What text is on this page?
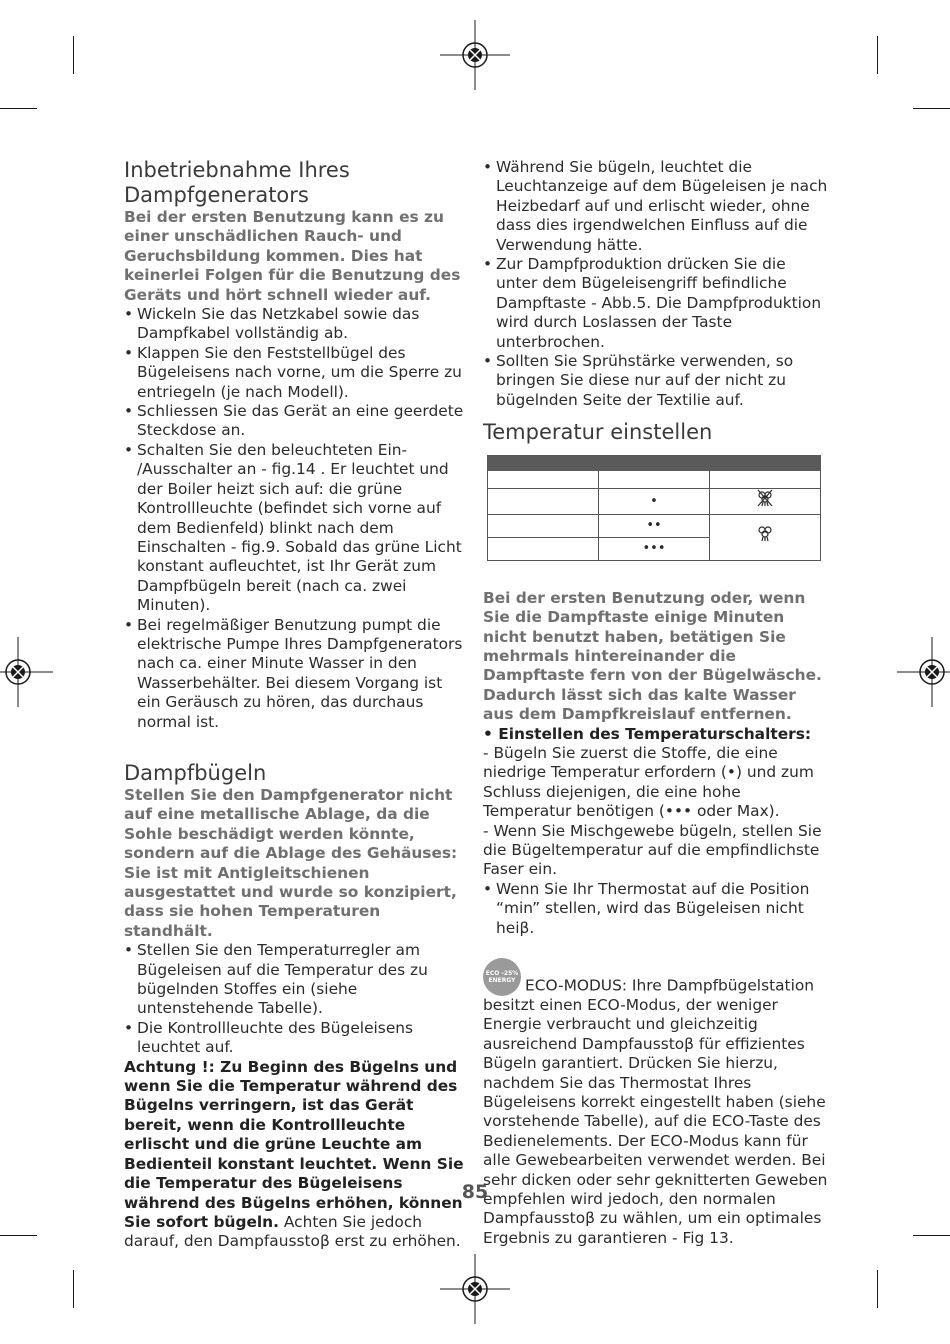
Inbetriebnahme Ihres Dampfgenerators

Bei der ersten Benutzung kann es zu einer unschädlichen Rauch- und Geruchsbildung kommen. Dies hat keinerlei Folgen für die Benutzung des Geräts und hört schnell wieder auf.

• Wickeln Sie das Netzkabel sowie das Dampfkabel vollständig ab.
• Klappen Sie den Feststellbügel des Bügeleisens nach vorne, um die Sperre zu entriegeln (je nach Modell).
• Schliessen Sie das Gerät an eine geerdete Steckdose an.
• Schalten Sie den beleuchteten Ein- /Ausschalter an - fig.14 . Er leuchtet und der Boiler heizt sich auf: die grüne Kontrollleuchte (befindet sich vorne auf dem Bedienfeld) blinkt nach dem Einschalten - fig.9. Sobald das grüne Licht konstant aufleuchtet, ist Ihr Gerät zum Dampfbügeln bereit (nach ca. zwei Minuten).
• Bei regelmäßiger Benutzung pumpt die elektrische Pumpe Ihres Dampfgenerators nach ca. einer Minute Wasser in den Wasserbehälter. Bei diesem Vorgang ist ein Geräusch zu hören, das durchaus normal ist.
Dampfbügeln

Stellen Sie den Dampfgenerator nicht auf eine metallische Ablage, da die Sohle beschädigt werden könnte, sondern auf die Ablage des Gehäuses: Sie ist mit Antigleitschienen ausgestattet und wurde so konzipiert, dass sie hohen Temperaturen standhält.

• Stellen Sie den Temperaturregler am Bügeleisen auf die Temperatur des zu bügelnden Stoffes ein (siehe untenstehende Tabelle).
• Die Kontrollleuchte des Bügeleisens leuchtet auf.

Achtung !: Zu Beginn des Bügelns und wenn Sie die Temperatur während des Bügelns verringern, ist das Gerät bereit, wenn die Kontrollleuchte erlischt und die grüne Leuchte am Bedienteil konstant leuchtet. Wenn Sie die Temperatur des Bügeleisens während des Bügelns erhöhen, können Sie sofort bügeln. Achten Sie jedoch darauf, den Dampfausstoβ erst zu erhöhen.

• Während Sie bügeln, leuchtet die Leuchtanzeige auf dem Bügeleisen je nach Heizbedarf auf und erlischt wieder, ohne dass dies irgendwelchen Einfluss auf die Verwendung hätte.
• Zur Dampfproduktion drücken Sie die unter dem Bügeleisengriff befindliche Dampftaste - Abb.5. Die Dampfproduktion wird durch Loslassen der Taste unterbrochen.
• Sollten Sie Sprühstärke verwenden, so bringen Sie diese nur auf der nicht zu bügelnden Seite der Textilie auf.
Temperatur einstellen

	•	
	••	
	•••	

Bei der ersten Benutzung oder, wenn Sie die Dampftaste einige Minuten nicht benutzt haben, betätigen Sie mehrmals hintereinander die Dampftaste fern von der Bügelwäsche. Dadurch lässt sich das kalte Wasser aus dem Dampfkreislauf entfernen.

• Einstellen des Temperaturschalters:

- Bügeln Sie zuerst die Stoffe, die eine niedrige Temperatur erfordern (•) und zum Schluss diejenigen, die eine hohe Temperatur benötigen (••• oder Max).

- Wenn Sie Mischgewebe bügeln, stellen Sie die Bügeltemperatur auf die empfindlichste Faser ein.

• Wenn Sie Ihr Thermostat auf die Position “min” stellen, wird das Bügeleisen nicht heiβ.

ECO -25% ENERGY ECO-MODUS: Ihre Dampfbügelstation besitzt einen ECO-Modus, der weniger Energie verbraucht und gleichzeitig ausreichend Dampfausstoβ für effizientes Bügeln garantiert. Drücken Sie hierzu, nachdem Sie das Thermostat Ihres Bügeleisens korrekt eingestellt haben (siehe vorstehende Tabelle), auf die ECO-Taste des Bedienelements. Der ECO-Modus kann für alle Gewebearbeiten verwendet werden. Bei sehr dicken oder sehr geknitterten Geweben empfehlen wird jedoch, den normalen Dampfausstoβ zu wählen, um ein optimales Ergebnis zu garantieren - Fig 13.

85
